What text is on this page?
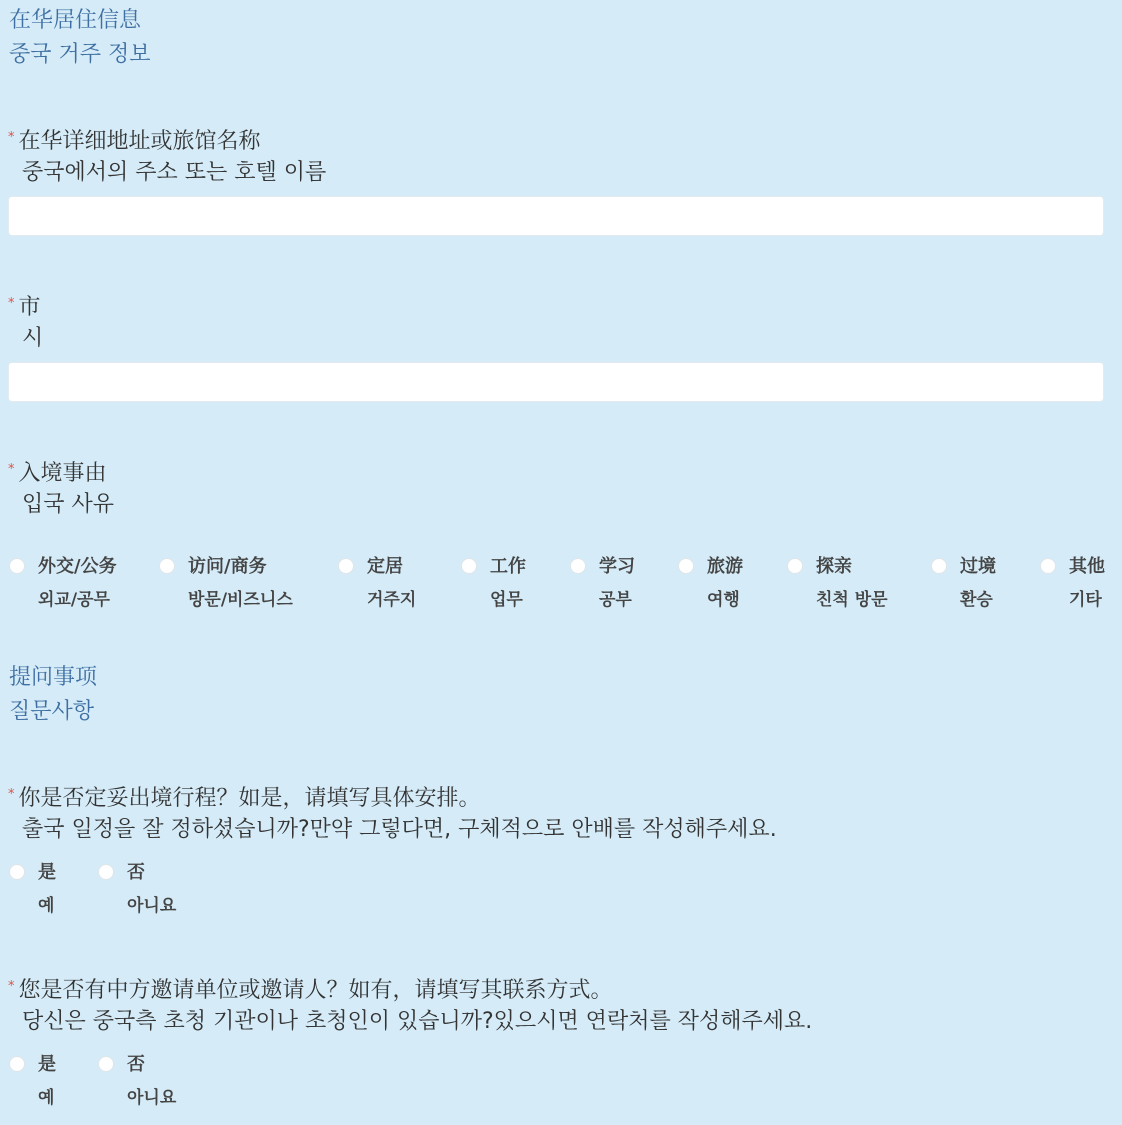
在华居住信息
중국 거주 정보
* 在华详细地址或旅馆名称
중국에서의 주소 또는 호텔 이름
* 市
시
* 入境事由
입국 사유
外交/公务
외교/공무
访问/商务
방문/비즈니스
定居
거주지
工作
업무
学习
공부
旅游
여행
探亲
친척 방문
过境
환승
其他
기타
提问事项
질문사항
* 你是否定妥出境行程？如是，请填写具体安排。
출국 일정을 잘 정하셨습니까?만약 그렇다면, 구체적으로 안배를 작성해주세요.
是
예
否
아니요
* 您是否有中方邀请单位或邀请人？如有，请填写其联系方式。
당신은 중국측 초청 기관이나 초청인이 있습니까?있으시면 연락처를 작성해주세요.
是
예
否
아니요
